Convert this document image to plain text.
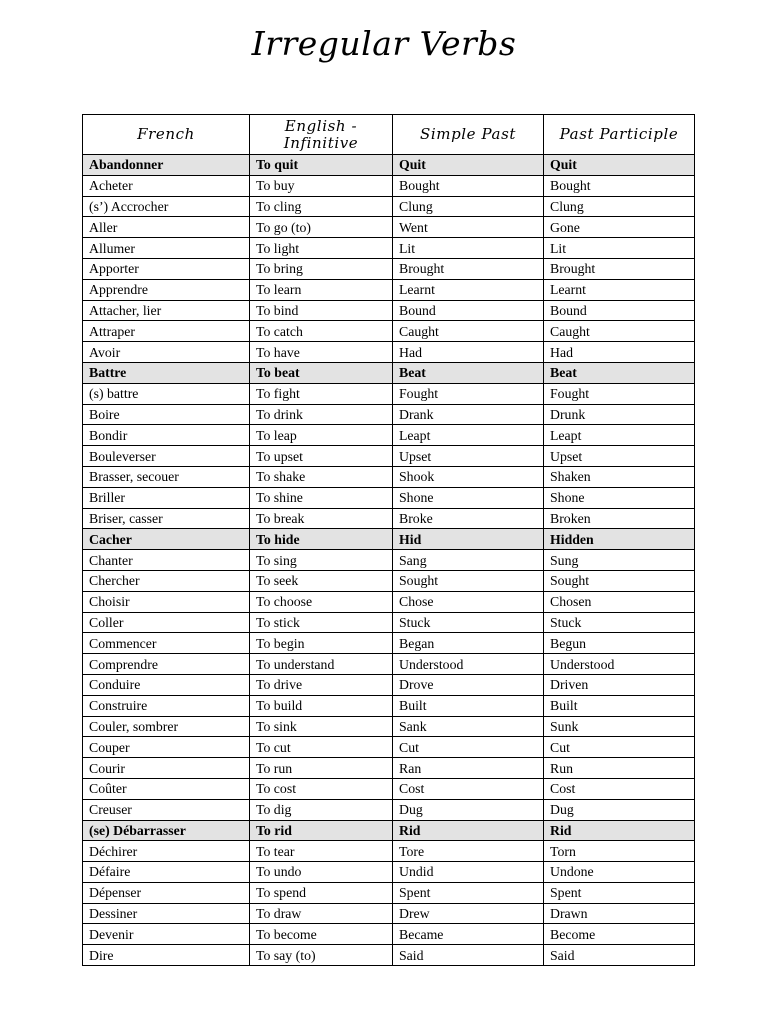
Irregular Verbs
French	English - Infinitive	Simple Past	Past Participle
Abandonner	To quit	Quit	Quit
Acheter	To buy	Bought	Bought
(s’) Accrocher	To cling	Clung	Clung
Aller	To go (to)	Went	Gone
Allumer	To light	Lit	Lit
Apporter	To bring	Brought	Brought
Apprendre	To learn	Learnt	Learnt
Attacher, lier	To bind	Bound	Bound
Attraper	To catch	Caught	Caught
Avoir	To have	Had	Had
Battre	To beat	Beat	Beat
(s) battre	To fight	Fought	Fought
Boire	To drink	Drank	Drunk
Bondir	To leap	Leapt	Leapt
Bouleverser	To upset	Upset	Upset
Brasser, secouer	To shake	Shook	Shaken
Briller	To shine	Shone	Shone
Briser, casser	To break	Broke	Broken
Cacher	To hide	Hid	Hidden
Chanter	To sing	Sang	Sung
Chercher	To seek	Sought	Sought
Choisir	To choose	Chose	Chosen
Coller	To stick	Stuck	Stuck
Commencer	To begin	Began	Begun
Comprendre	To understand	Understood	Understood
Conduire	To drive	Drove	Driven
Construire	To build	Built	Built
Couler, sombrer	To sink	Sank	Sunk
Couper	To cut	Cut	Cut
Courir	To run	Ran	Run
Coûter	To cost	Cost	Cost
Creuser	To dig	Dug	Dug
(se) Débarrasser	To rid	Rid	Rid
Déchirer	To tear	Tore	Torn
Défaire	To undo	Undid	Undone
Dépenser	To spend	Spent	Spent
Dessiner	To draw	Drew	Drawn
Devenir	To become	Became	Become
Dire	To say (to)	Said	Said
